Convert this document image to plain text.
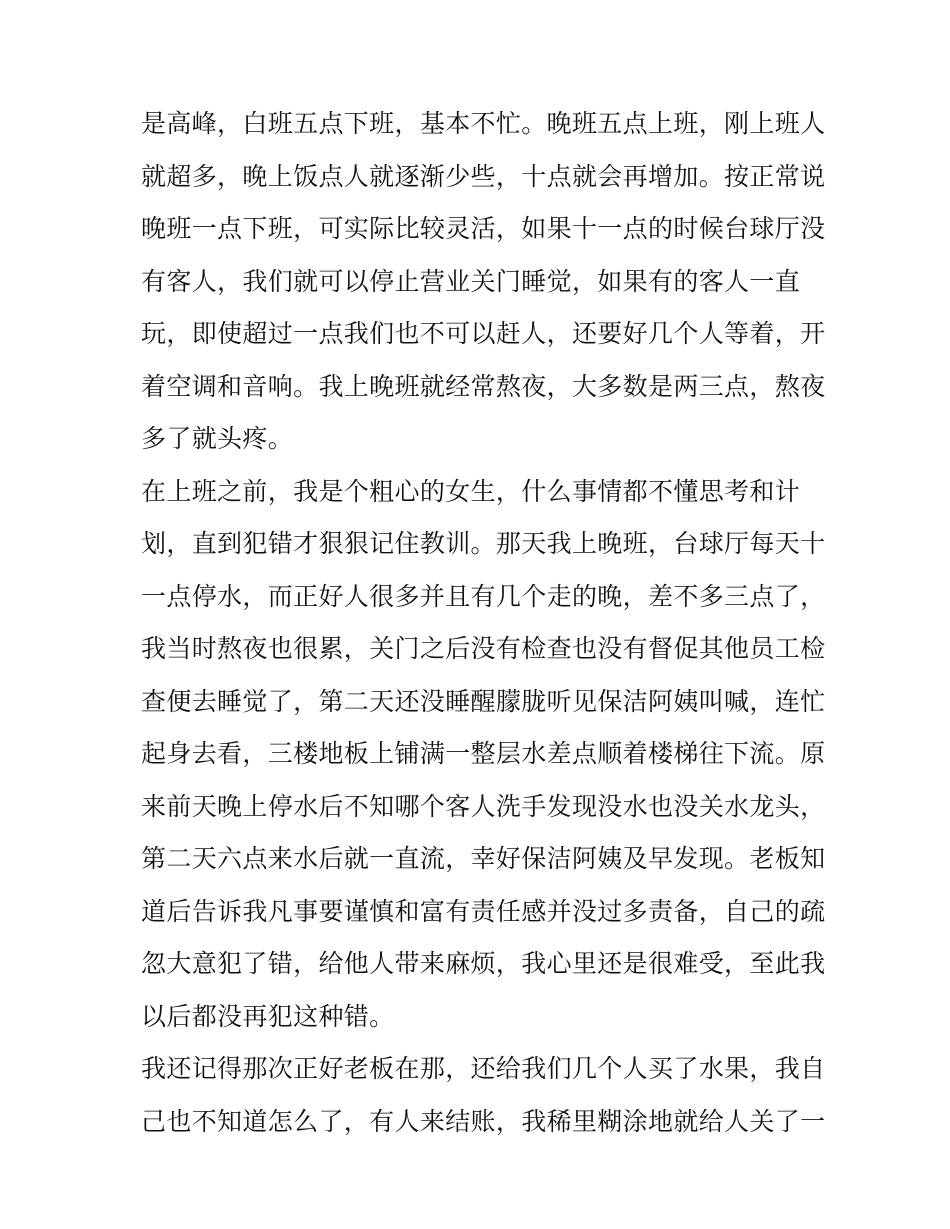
是高峰，白班五点下班，基本不忙。晚班五点上班，刚上班人
就超多，晚上饭点人就逐渐少些，十点就会再增加。按正常说
晚班一点下班，可实际比较灵活，如果十一点的时候台球厅没
有客人，我们就可以停止营业关门睡觉，如果有的客人一直
玩，即使超过一点我们也不可以赶人，还要好几个人等着，开
着空调和音响。我上晚班就经常熬夜，大多数是两三点，熬夜
多了就头疼。
在上班之前，我是个粗心的女生，什么事情都不懂思考和计
划，直到犯错才狠狠记住教训。那天我上晚班，台球厅每天十
一点停水，而正好人很多并且有几个走的晚，差不多三点了，
我当时熬夜也很累，关门之后没有检查也没有督促其他员工检
查便去睡觉了，第二天还没睡醒朦胧听见保洁阿姨叫喊，连忙
起身去看，三楼地板上铺满一整层水差点顺着楼梯往下流。原
来前天晚上停水后不知哪个客人洗手发现没水也没关水龙头，
第二天六点来水后就一直流，幸好保洁阿姨及早发现。老板知
道后告诉我凡事要谨慎和富有责任感并没过多责备，自己的疏
忽大意犯了错，给他人带来麻烦，我心里还是很难受，至此我
以后都没再犯这种错。
我还记得那次正好老板在那，还给我们几个人买了水果，我自
己也不知道怎么了，有人来结账，我稀里糊涂地就给人关了一
